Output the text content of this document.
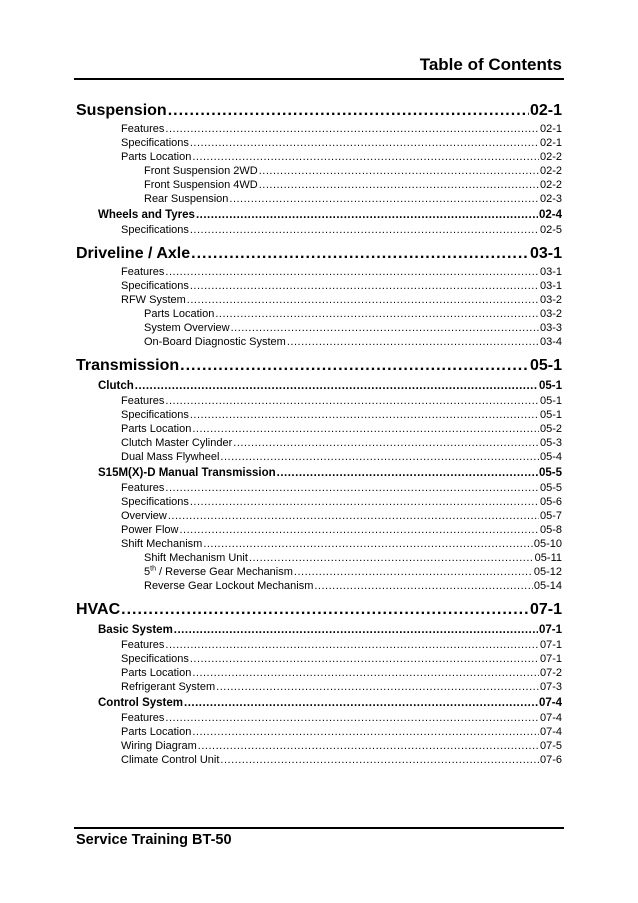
Table of Contents
Suspension .....	02-1
Features .....	02-1
Specifications .....	02-1
Parts Location .....	02-2
Front Suspension 2WD .....	02-2
Front Suspension 4WD .....	02-2
Rear Suspension .....	02-3
Wheels and Tyres .....	02-4
Specifications .....	02-5
Driveline / Axle .....	03-1
Features .....	03-1
Specifications .....	03-1
RFW System .....	03-2
Parts Location .....	03-2
System Overview .....	03-3
On-Board Diagnostic System .....	03-4
Transmission .....	05-1
Clutch .....	05-1
Features .....	05-1
Specifications .....	05-1
Parts Location .....	05-2
Clutch Master Cylinder .....	05-3
Dual Mass Flywheel .....	05-4
S15M(X)-D Manual Transmission .....	05-5
Features .....	05-5
Specifications .....	05-6
Overview .....	05-7
Power Flow .....	05-8
Shift Mechanism .....	05-10
Shift Mechanism Unit .....	05-11
5th / Reverse Gear Mechanism .....	05-12
Reverse Gear Lockout Mechanism .....	05-14
HVAC .....	07-1
Basic System .....	07-1
Features .....	07-1
Specifications .....	07-1
Parts Location .....	07-2
Refrigerant System .....	07-3
Control System .....	07-4
Features .....	07-4
Parts Location .....	07-4
Wiring Diagram .....	07-5
Climate Control Unit .....	07-6
Service Training BT-50
